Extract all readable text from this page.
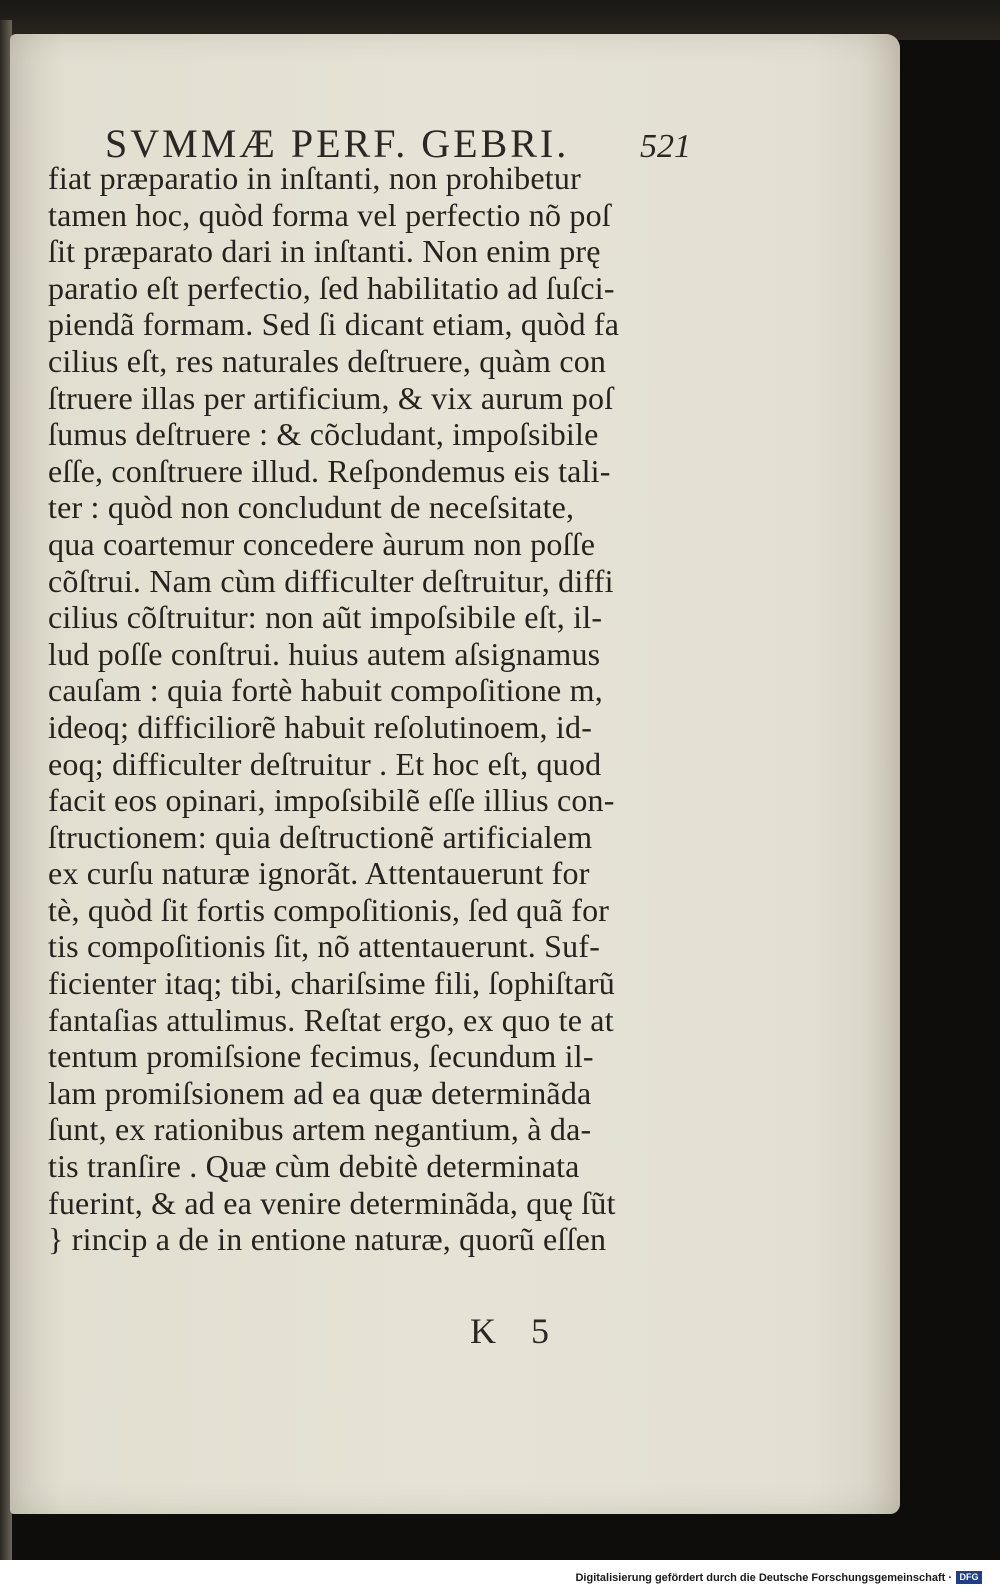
SVMMÆ PERF. GEBRI.	521
fiat præparatio in inſtanti, non prohibetur
tamen hoc, quòd forma vel perfectio nõ poſ
ſit præparato dari in inſtanti. Non enim prę
paratio eſt perfectio, ſed habilitatio ad ſuſci-
piendã formam. Sed ſi dicant etiam, quòd fa
cilius eſt, res naturales deſtruere, quàm con
ſtruere illas per artificium, & vix aurum poſ
ſumus deſtruere : & cõcludant, impoſsibile
eſſe, conſtruere illud. Reſpondemus eis tali-
ter : quòd non concludunt de neceſsitate,
qua coartemur concedere àurum non poſſe
cõſtrui. Nam cùm difficulter deſtruitur, diffi
cilius cõſtruitur: non aũt impoſsibile eſt, il-
lud poſſe conſtrui. huius autem aſsignamus
cauſam : quia fortè habuit compoſitione m,
ideoq; difficiliorẽ habuit reſolutinoem, id-
eoq; difficulter deſtruitur . Et hoc eſt, quod
facit eos opinari, impoſsibilẽ eſſe illius con-
ſtructionem: quia deſtructionẽ artificialem
ex curſu naturæ ignorãt. Attentauerunt for
tè, quòd ſit fortis compoſitionis, ſed quã for
tis compoſitionis ſit, nõ attentauerunt. Suf-
ficienter itaq; tibi, chariſsime fili, ſophiſtarũ
fantaſias attulimus. Reſtat ergo, ex quo te at
tentum promiſsione fecimus, ſecundum il-
lam promiſsionem ad ea quæ determinãda
ſunt, ex rationibus artem negantium, à da-
tis tranſire . Quæ cùm debitè determinata
fuerint, & ad ea venire determinãda, quę ſũt
} rincip a de in entione naturæ, quorũ eſſen
K 5
Digitalisierung gefördert durch die Deutsche Forschungsgemeinschaft · DFG
